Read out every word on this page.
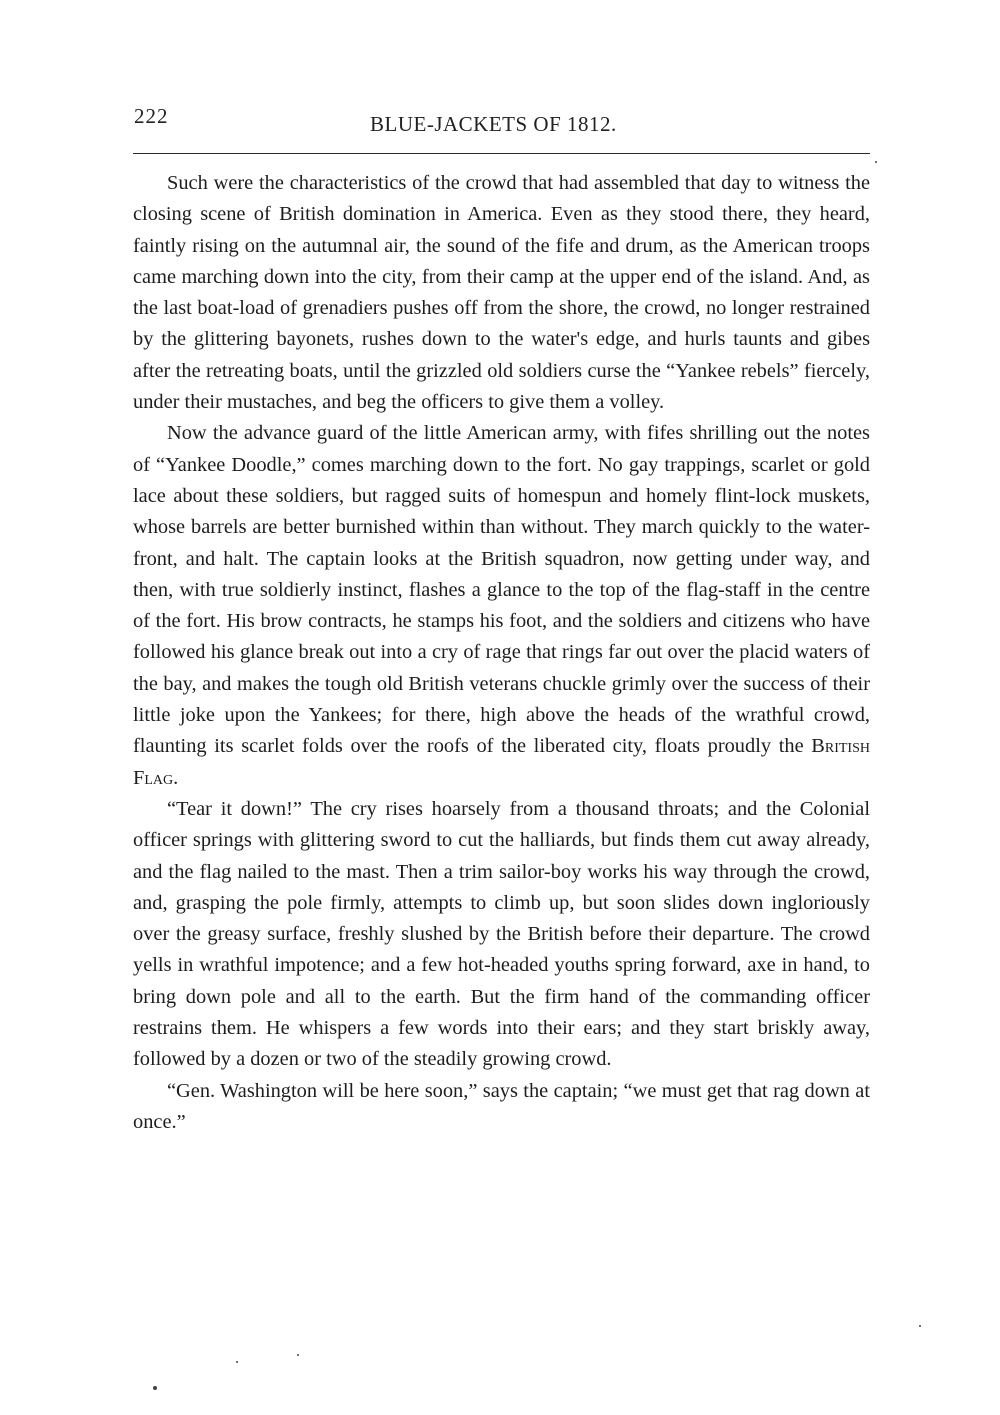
222	BLUE-JACKETS OF 1812.

Such were the characteristics of the crowd that had assembled that day to witness the closing scene of British domination in America. Even as they stood there, they heard, faintly rising on the autumnal air, the sound of the fife and drum, as the American troops came marching down into the city, from their camp at the upper end of the island. And, as the last boat-load of grenadiers pushes off from the shore, the crowd, no longer restrained by the glittering bayonets, rushes down to the water's edge, and hurls taunts and gibes after the retreating boats, until the grizzled old soldiers curse the “Yankee rebels” fiercely, under their mustaches, and beg the officers to give them a volley.

Now the advance guard of the little American army, with fifes shrilling out the notes of “Yankee Doodle,” comes marching down to the fort. No gay trappings, scarlet or gold lace about these soldiers, but ragged suits of homespun and homely flint-lock muskets, whose barrels are better burnished within than without. They march quickly to the water-front, and halt. The captain looks at the British squadron, now getting under way, and then, with true soldierly instinct, flashes a glance to the top of the flag-staff in the centre of the fort. His brow contracts, he stamps his foot, and the soldiers and citizens who have followed his glance break out into a cry of rage that rings far out over the placid waters of the bay, and makes the tough old British veterans chuckle grimly over the success of their little joke upon the Yankees; for there, high above the heads of the wrathful crowd, flaunting its scarlet folds over the roofs of the liberated city, floats proudly the British Flag.

“Tear it down!” The cry rises hoarsely from a thousand throats; and the Colonial officer springs with glittering sword to cut the halliards, but finds them cut away already, and the flag nailed to the mast. Then a trim sailor-boy works his way through the crowd, and, grasping the pole firmly, attempts to climb up, but soon slides down ingloriously over the greasy surface, freshly slushed by the British before their departure. The crowd yells in wrathful impotence; and a few hot-headed youths spring forward, axe in hand, to bring down pole and all to the earth. But the firm hand of the commanding officer restrains them. He whispers a few words into their ears; and they start briskly away, followed by a dozen or two of the steadily growing crowd.

“Gen. Washington will be here soon,” says the captain; “we must get that rag down at once.”
